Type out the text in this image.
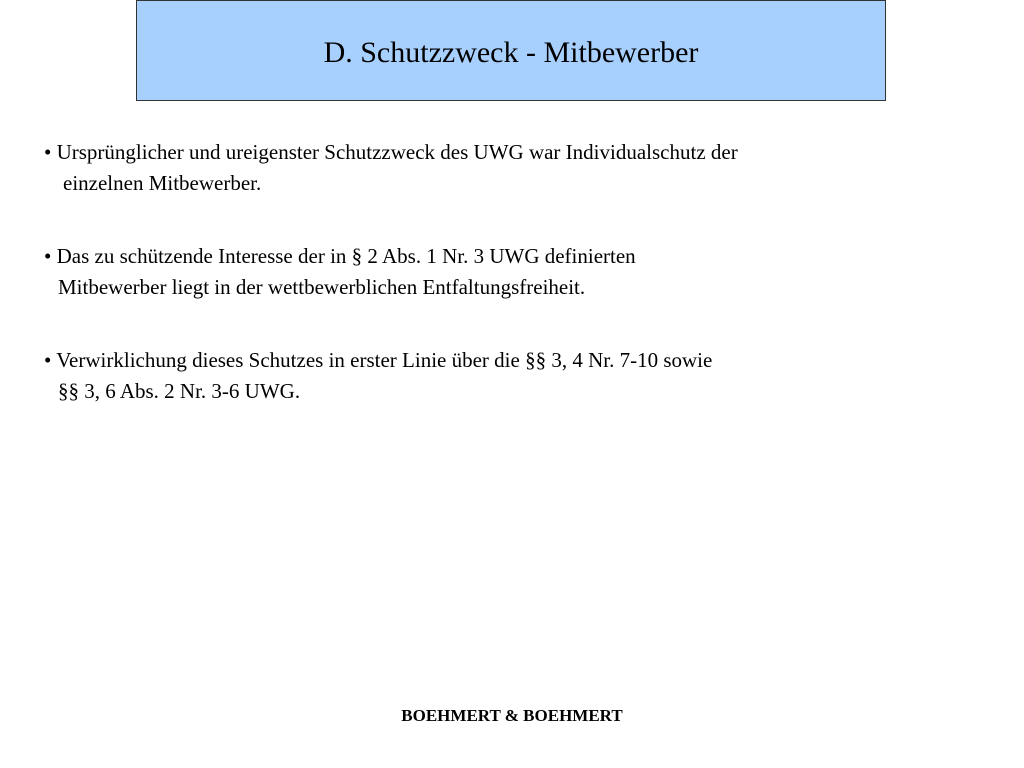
D. Schutzzweck - Mitbewerber
• Ursprünglicher und ureigenster Schutzzweck des UWG war Individualschutz der
einzelnen Mitbewerber.
• Das zu schützende Interesse der in § 2 Abs. 1 Nr. 3 UWG definierten
Mitbewerber liegt in der wettbewerblichen Entfaltungsfreiheit.
• Verwirklichung dieses Schutzes in erster Linie über die §§ 3, 4 Nr. 7-10 sowie
§§ 3, 6 Abs. 2 Nr. 3-6 UWG.
BOEHMERT & BOEHMERT
